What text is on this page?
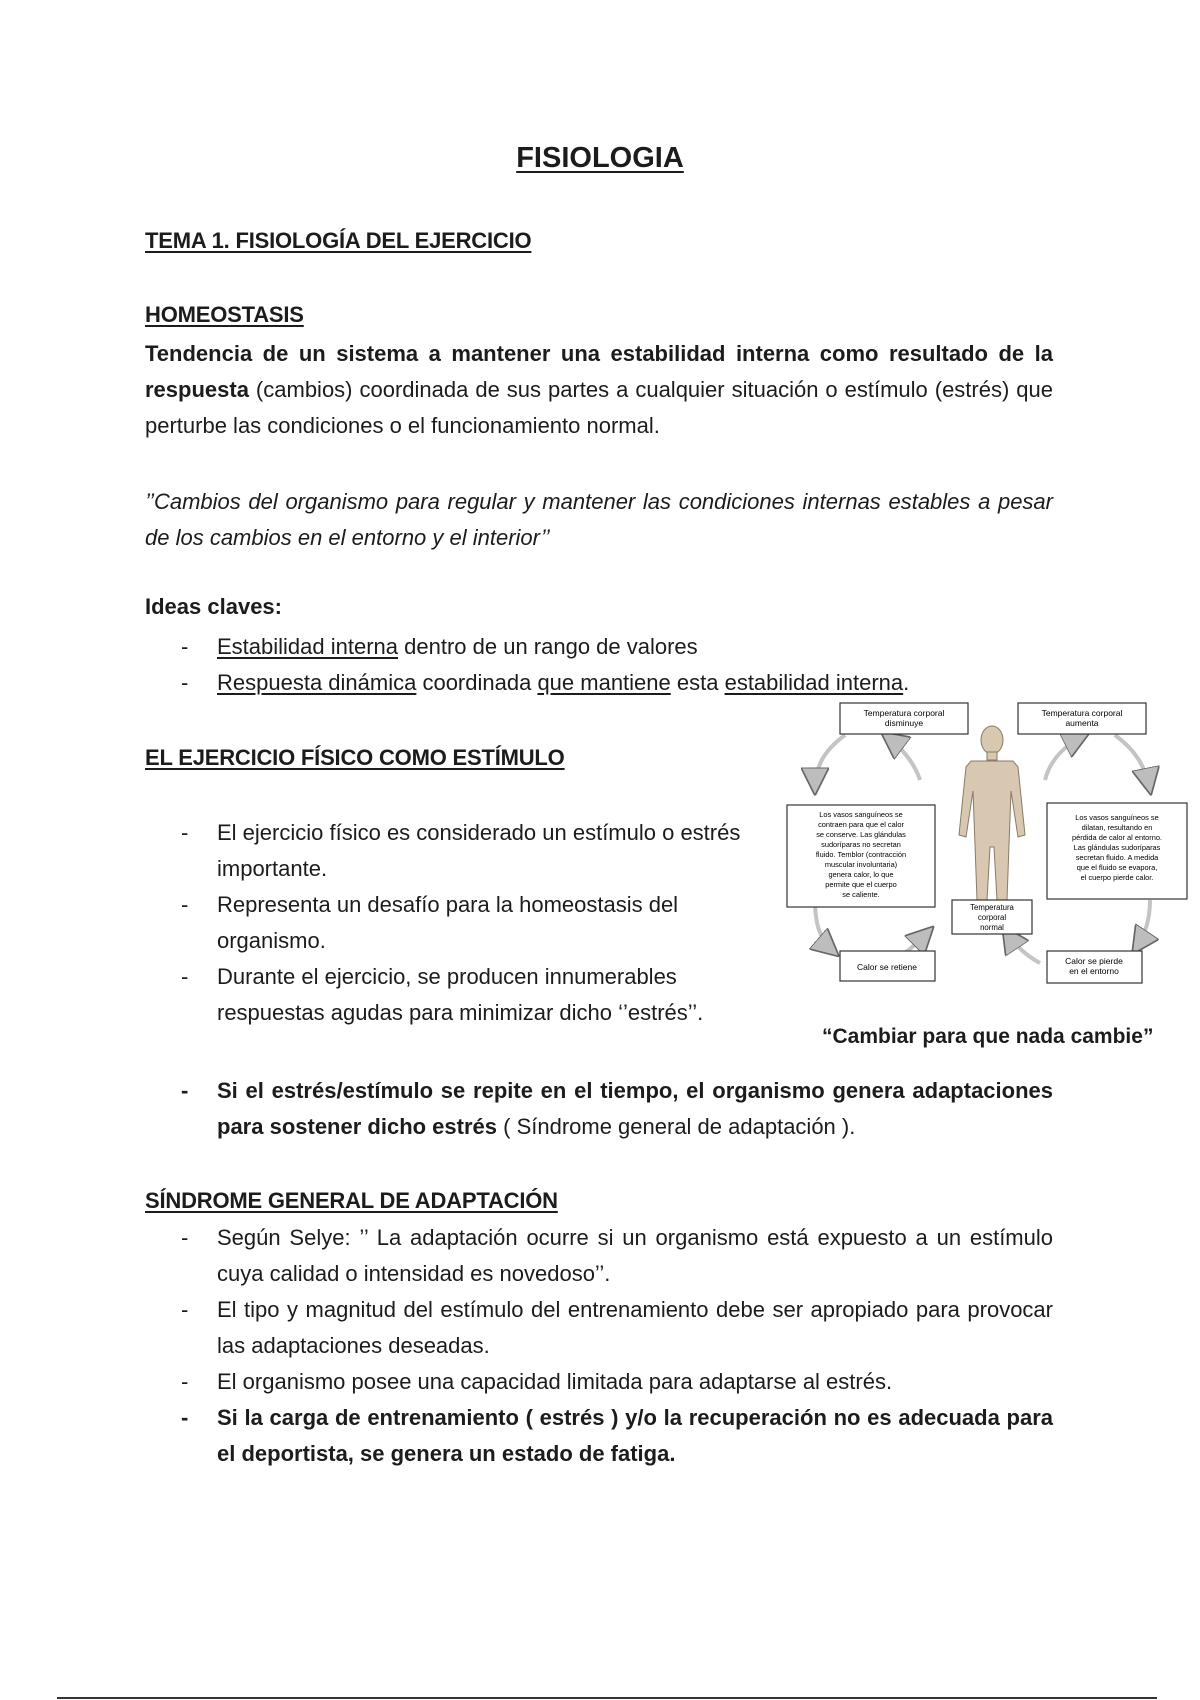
FISIOLOGIA
TEMA 1. FISIOLOGÍA DEL EJERCICIO
HOMEOSTASIS
Tendencia de un sistema a mantener una estabilidad interna como resultado de la respuesta (cambios) coordinada de sus partes a cualquier situación o estímulo (estrés) que perturbe las condiciones o el funcionamiento normal.
’’Cambios del organismo para regular y mantener las condiciones internas estables a pesar de los cambios en el entorno y el interior’’
Ideas claves:
- Estabilidad interna dentro de un rango de valores
- Respuesta dinámica coordinada que mantiene esta estabilidad interna.
EL EJERCICIO FÍSICO COMO ESTÍMULO
- El ejercicio físico es considerado un estímulo o estrés importante.
- Representa un desafío para la homeostasis del organismo.
- Durante el ejercicio, se producen innumerables respuestas agudas para minimizar dicho ‘’estrés’’.
- Si el estrés/estímulo se repite en el tiempo, el organismo genera adaptaciones para sostener dicho estrés ( Síndrome general de adaptación ).
Temperatura corporal
disminuye
Temperatura corporal
aumenta
Los vasos sanguíneos se
contraen para que el calor
se conserve. Las glándulas
sudoríparas no secretan
fluido. Temblor (contracción
muscular involuntaria)
genera calor, lo que
permite que el cuerpo
se caliente.
Los vasos sanguíneos se
dilatan, resultando en
pérdida de calor al entorno.
Las glándulas sudoríparas
secretan fluido. A medida
que el fluido se evapora,
el cuerpo pierde calor.
Temperatura
corporal
normal
Calor se retiene
Calor se pierde
en el entorno
“Cambiar para que nada cambie”
SÍNDROME GENERAL DE ADAPTACIÓN
- Según Selye: ’’ La adaptación ocurre si un organismo está expuesto a un estímulo cuya calidad o intensidad es novedoso’’.
- El tipo y magnitud del estímulo del entrenamiento debe ser apropiado para provocar las adaptaciones deseadas.
- El organismo posee una capacidad limitada para adaptarse al estrés.
- Si la carga de entrenamiento ( estrés ) y/o la recuperación no es adecuada para el deportista, se genera un estado de fatiga.
